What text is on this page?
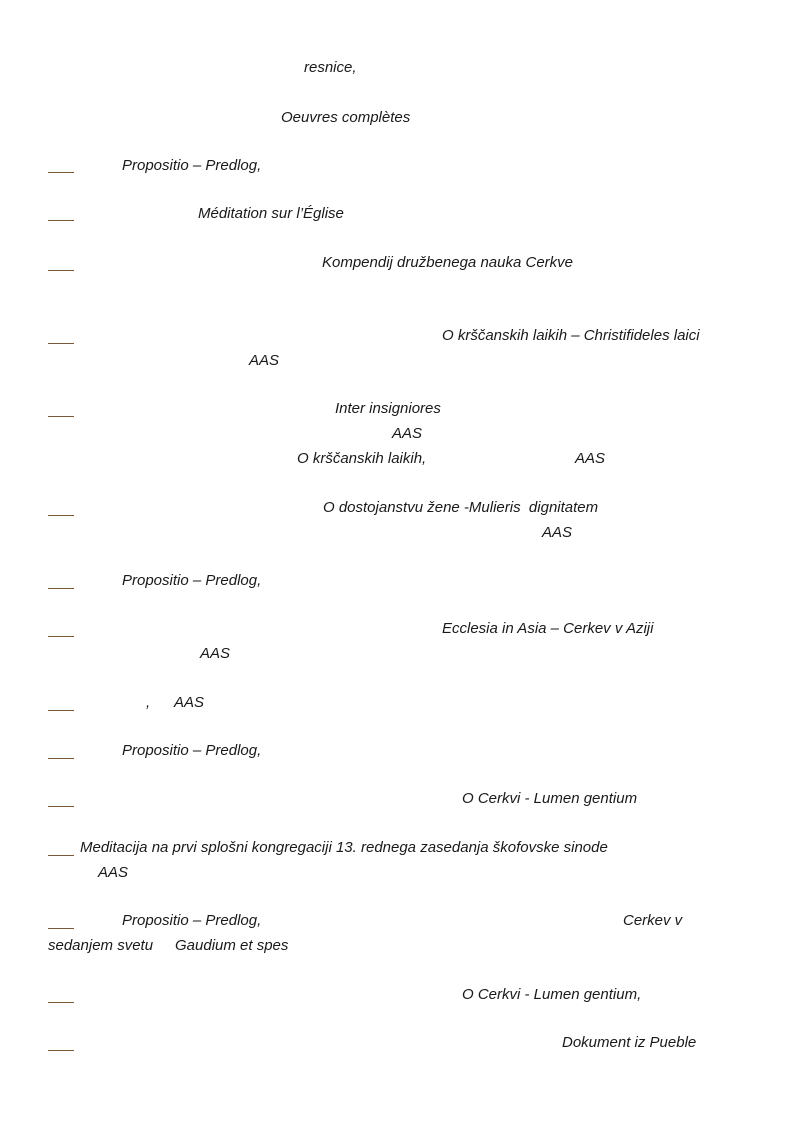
resnice,
Oeuvres complètes
Propositio – Predlog,
Méditation sur l’Église
Kompendij družbenega nauka Cerkve
O krščanskih laikih – Christifideles laici
AAS
Inter insigniores
AAS
O krščanskih laikih,	AAS
O dostojanstvu žene -Mulieris  dignitatem
AAS
Propositio – Predlog,
Ecclesia in Asia – Cerkev v Aziji
AAS
, AAS
Propositio – Predlog,
O Cerkvi - Lumen gentium
Meditacija na prvi splošni kongregaciji 13. rednega zasedanja škofovske sinode
AAS
Propositio – Predlog,	Cerkev v
sedanjem svetu Gaudium et spes
O Cerkvi - Lumen gentium,
Dokument iz Pueble
